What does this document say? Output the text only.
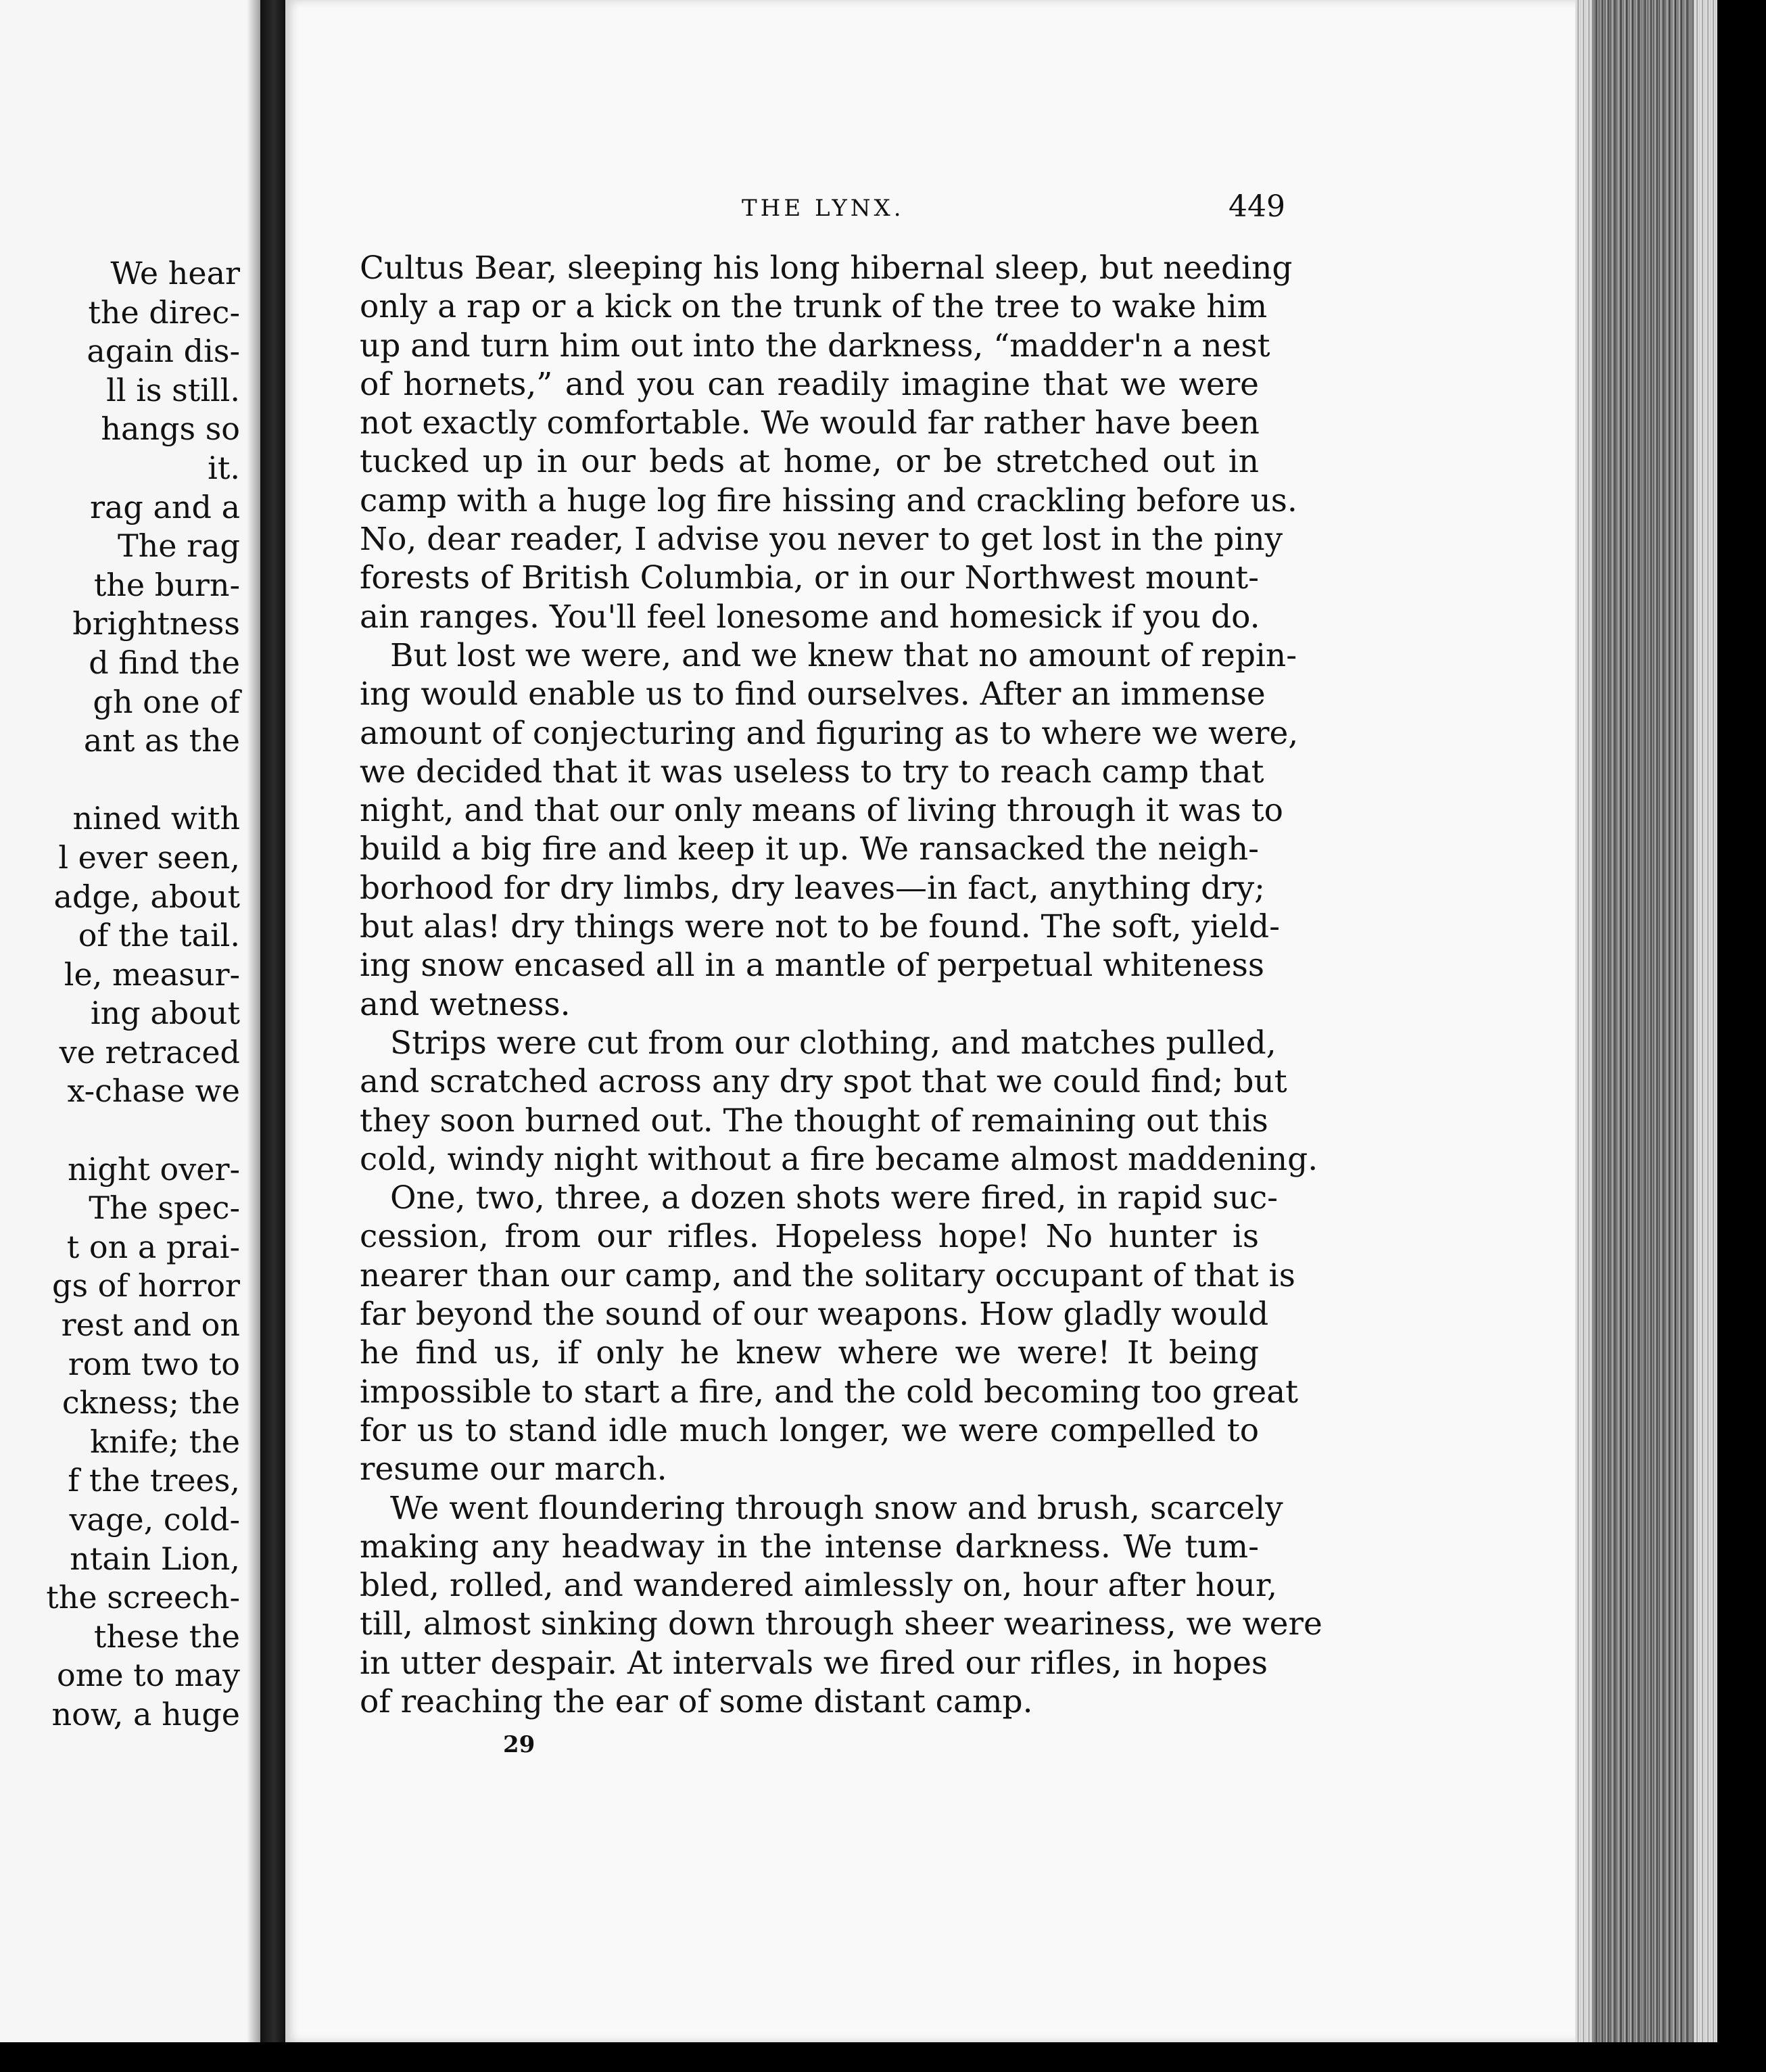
We hear
the direc-
again dis-
ll is still.
hangs so
it.
rag and a
The rag
the burn-
brightness
d find the
gh one of
ant as the
nined with
l ever seen,
adge, about
of the tail.
le, measur-
ing about
ve retraced
x-chase we
night over-
The spec-
t on a prai-
gs of horror
rest and on
rom two to
ckness; the
knife; the
f the trees,
vage, cold-
ntain Lion,
the screech-
these the
ome to may
now, a huge
THE LYNX.	449
Cultus Bear, sleeping his long hibernal sleep, but needing
only a rap or a kick on the trunk of the tree to wake him
up and turn him out into the darkness, “madder'n a nest
of hornets,” and you can readily imagine that we were
not exactly comfortable. We would far rather have been
tucked up in our beds at home, or be stretched out in
camp with a huge log fire hissing and crackling before us.
No, dear reader, I advise you never to get lost in the piny
forests of British Columbia, or in our Northwest mount-
ain ranges. You'll feel lonesome and homesick if you do.
But lost we were, and we knew that no amount of repin-
ing would enable us to find ourselves. After an immense
amount of conjecturing and figuring as to where we were,
we decided that it was useless to try to reach camp that
night, and that our only means of living through it was to
build a big fire and keep it up. We ransacked the neigh-
borhood for dry limbs, dry leaves—in fact, anything dry;
but alas! dry things were not to be found. The soft, yield-
ing snow encased all in a mantle of perpetual whiteness
and wetness.
Strips were cut from our clothing, and matches pulled,
and scratched across any dry spot that we could find; but
they soon burned out. The thought of remaining out this
cold, windy night without a fire became almost maddening.
One, two, three, a dozen shots were fired, in rapid suc-
cession, from our rifles. Hopeless hope! No hunter is
nearer than our camp, and the solitary occupant of that is
far beyond the sound of our weapons. How gladly would
he find us, if only he knew where we were! It being
impossible to start a fire, and the cold becoming too great
for us to stand idle much longer, we were compelled to
resume our march.
We went floundering through snow and brush, scarcely
making any headway in the intense darkness. We tum-
bled, rolled, and wandered aimlessly on, hour after hour,
till, almost sinking down through sheer weariness, we were
in utter despair. At intervals we fired our rifles, in hopes
of reaching the ear of some distant camp.
29
